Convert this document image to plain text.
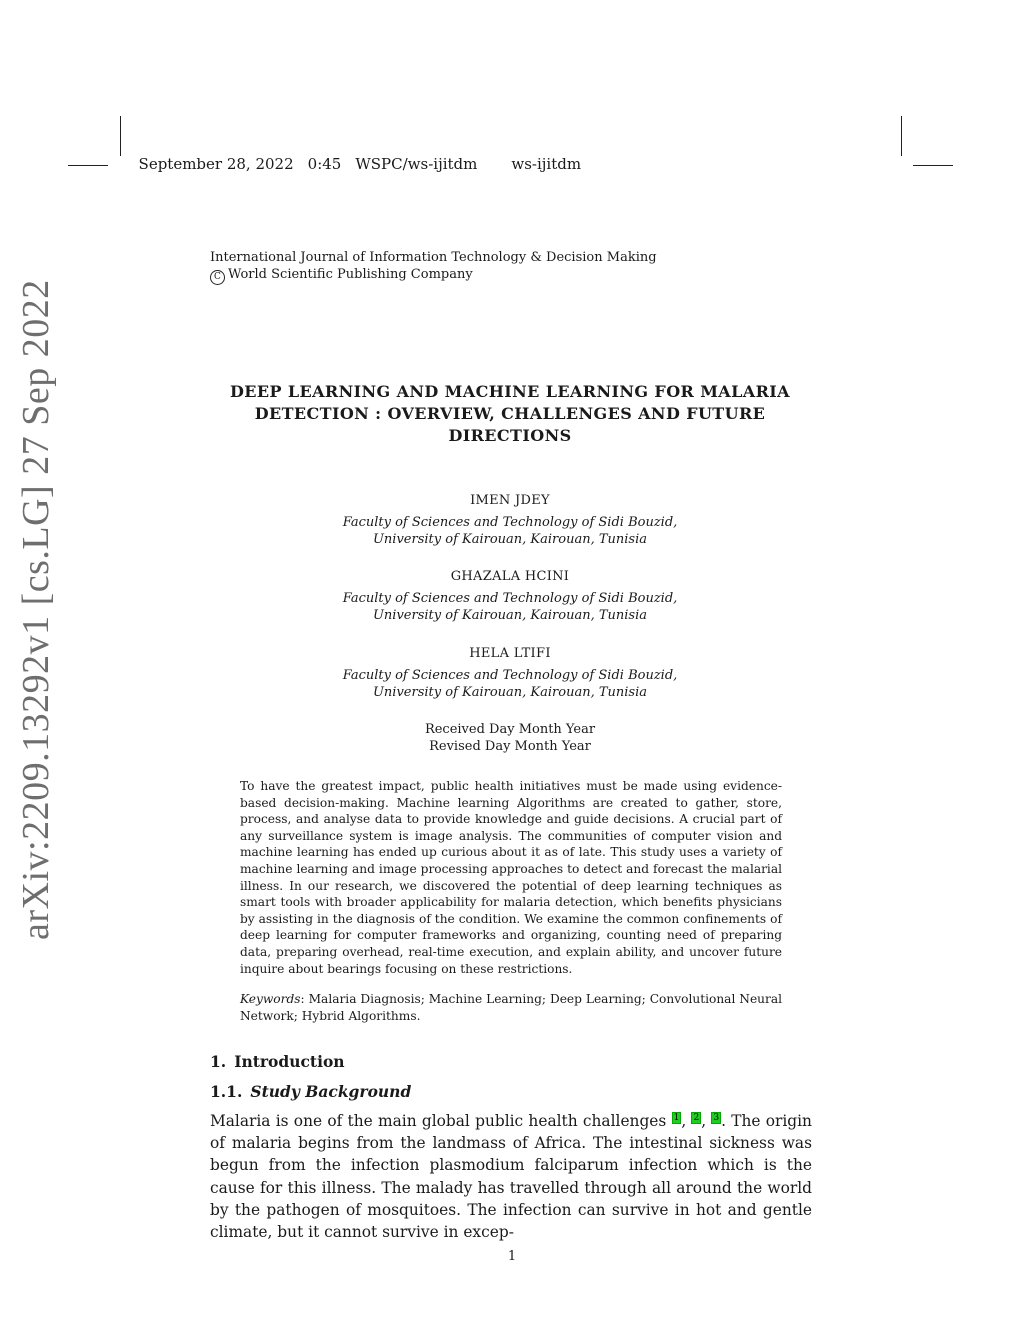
September 28, 2022 0:45 WSPC/ws-ijitdm ws-ijitdm

International Journal of Information Technology & Decision Making
C World Scientific Publishing Company
arXiv:2209.13292v1 [cs.LG] 27 Sep 2022	DEEP LEARNING AND MACHINE LEARNING FOR MALARIA DETECTION : OVERVIEW, CHALLENGES AND FUTURE DIRECTIONS
IMEN JDEY
Faculty of Sciences and Technology of Sidi Bouzid,
University of Kairouan, Kairouan, Tunisia
GHAZALA HCINI
Faculty of Sciences and Technology of Sidi Bouzid,
University of Kairouan, Kairouan, Tunisia
HELA LTIFI
Faculty of Sciences and Technology of Sidi Bouzid,
University of Kairouan, Kairouan, Tunisia
Received Day Month Year
Revised Day Month Year
To have the greatest impact, public health initiatives must be made using evidence-based decision-making. Machine learning Algorithms are created to gather, store, process, and analyse data to provide knowledge and guide decisions. A crucial part of any surveillance system is image analysis. The communities of computer vision and machine learning has ended up curious about it as of late. This study uses a variety of machine learning and image processing approaches to detect and forecast the malarial illness. In our research, we discovered the potential of deep learning techniques as smart tools with broader applicability for malaria detection, which benefits physicians by assisting in the diagnosis of the condition. We examine the common confinements of deep learning for computer frameworks and organizing, counting need of preparing data, preparing overhead, real-time execution, and explain ability, and uncover future inquire about bearings focusing on these restrictions.
Keywords: Malaria Diagnosis; Machine Learning; Deep Learning; Convolutional Neural Network; Hybrid Algorithms.
1. Introduction
1.1. Study Background
Malaria is one of the main global public health challenges 1 , 2 , 3 . The origin of malaria begins from the landmass of Africa. The intestinal sickness was begun from the infection plasmodium falciparum infection which is the cause for this illness. The malady has travelled through all around the world by the pathogen of mosquitoes. The infection can survive in hot and gentle climate, but it cannot survive in excep-
1
